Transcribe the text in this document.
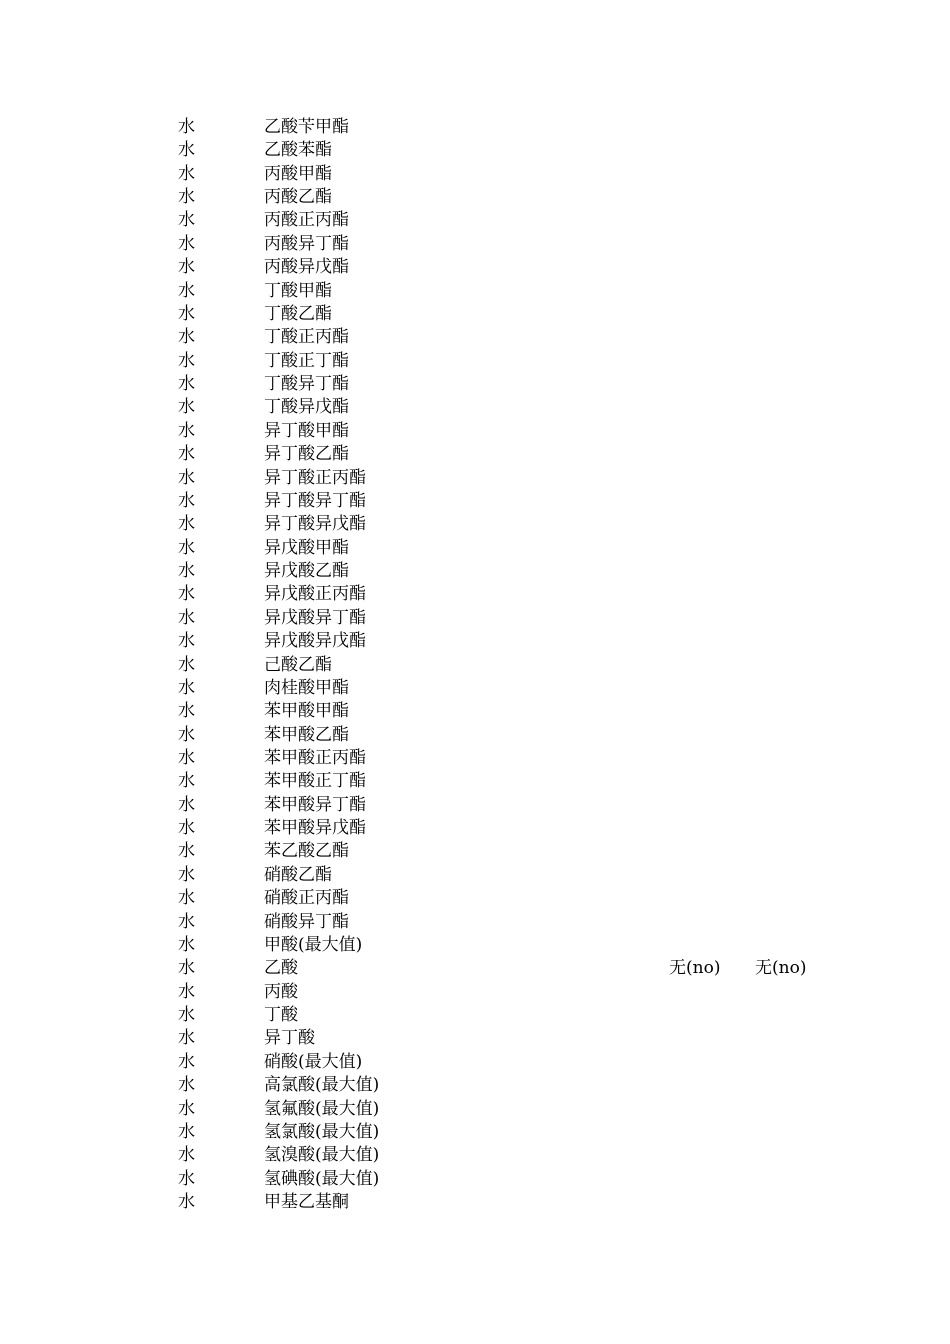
水	乙酸苄甲酯
水	乙酸苯酯
水	丙酸甲酯
水	丙酸乙酯
水	丙酸正丙酯
水	丙酸异丁酯
水	丙酸异戊酯
水	丁酸甲酯
水	丁酸乙酯
水	丁酸正丙酯
水	丁酸正丁酯
水	丁酸异丁酯
水	丁酸异戊酯
水	异丁酸甲酯
水	异丁酸乙酯
水	异丁酸正丙酯
水	异丁酸异丁酯
水	异丁酸异戊酯
水	异戊酸甲酯
水	异戊酸乙酯
水	异戊酸正丙酯
水	异戊酸异丁酯
水	异戊酸异戊酯
水	己酸乙酯
水	肉桂酸甲酯
水	苯甲酸甲酯
水	苯甲酸乙酯
水	苯甲酸正丙酯
水	苯甲酸正丁酯
水	苯甲酸异丁酯
水	苯甲酸异戊酯
水	苯乙酸乙酯
水	硝酸乙酯
水	硝酸正丙酯
水	硝酸异丁酯
水	甲酸(最大值)
水	乙酸	无(no) 无(no)
水	丙酸
水	丁酸
水	异丁酸
水	硝酸(最大值)
水	高氯酸(最大值)
水	氢氟酸(最大值)
水	氢氯酸(最大值)
水	氢溴酸(最大值)
水	氢碘酸(最大值)
水	甲基乙基酮
